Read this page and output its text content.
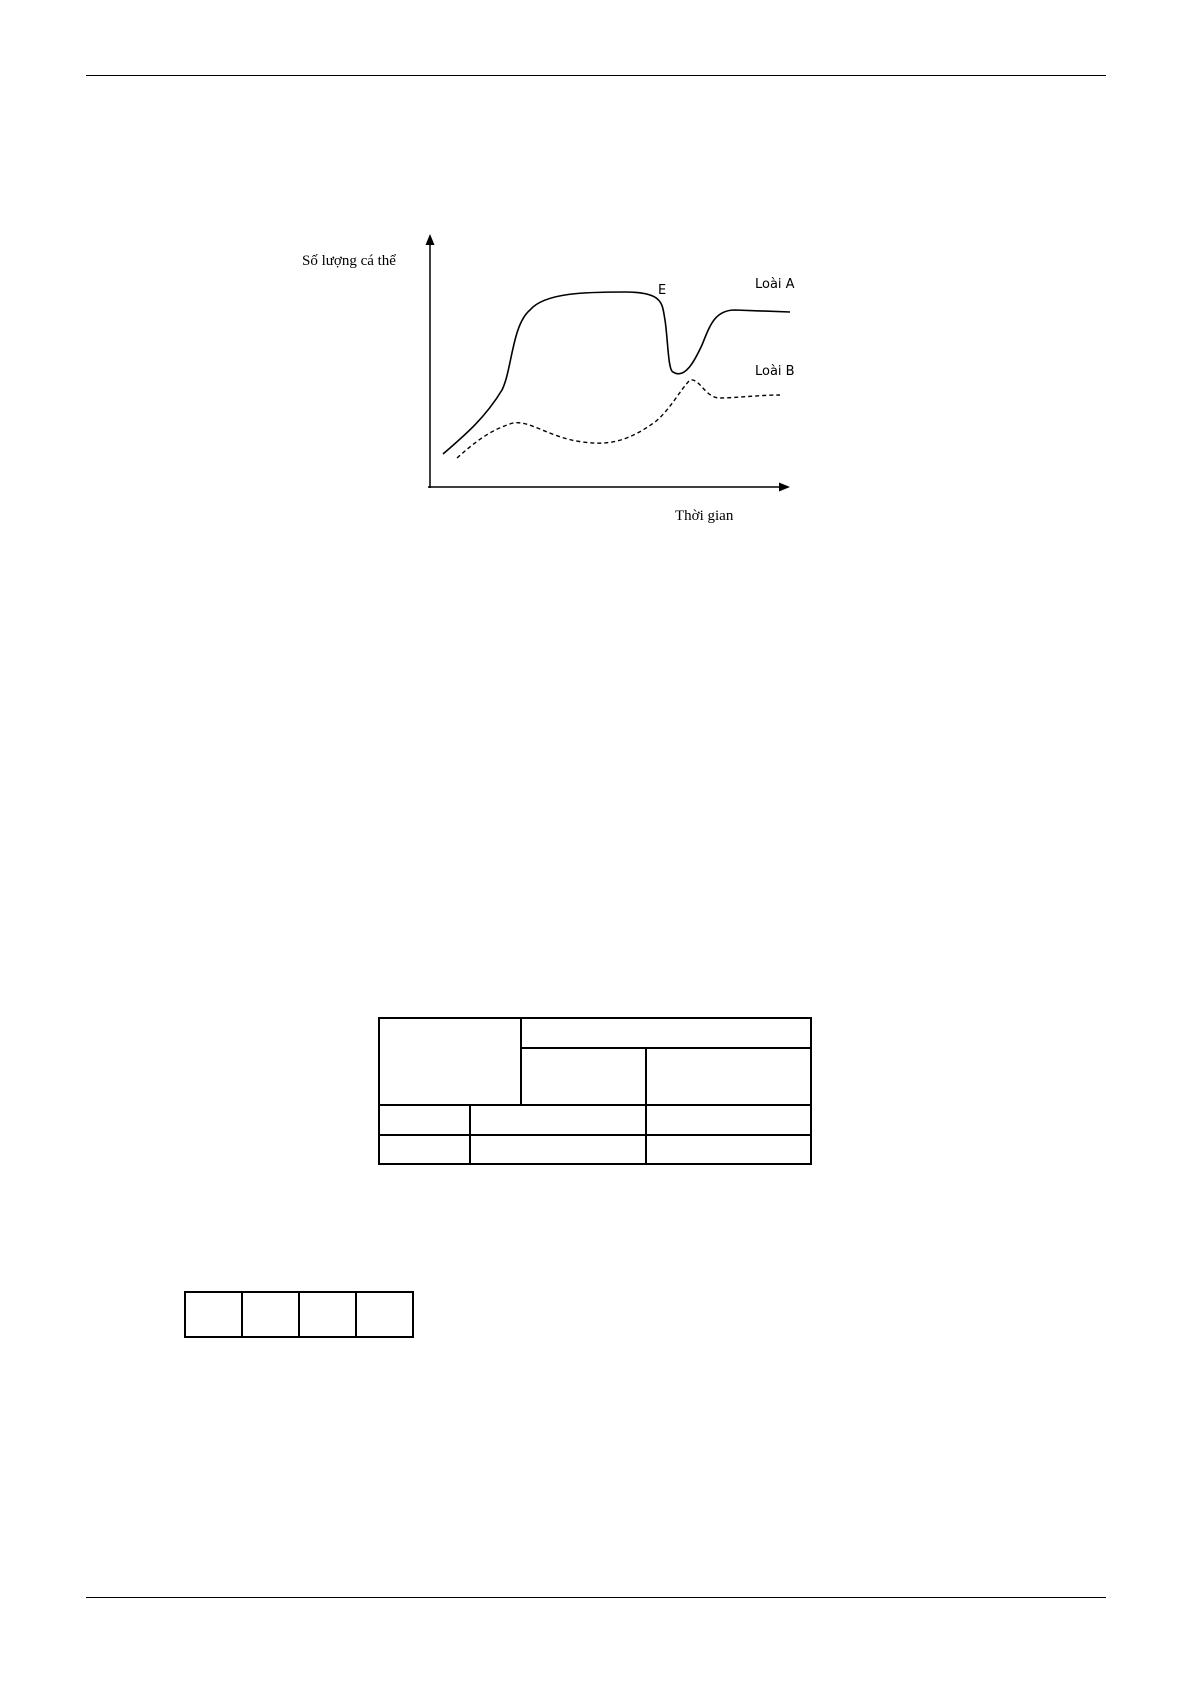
Số lượng cá thể
Thời gian
E	Loài A
Loài B
